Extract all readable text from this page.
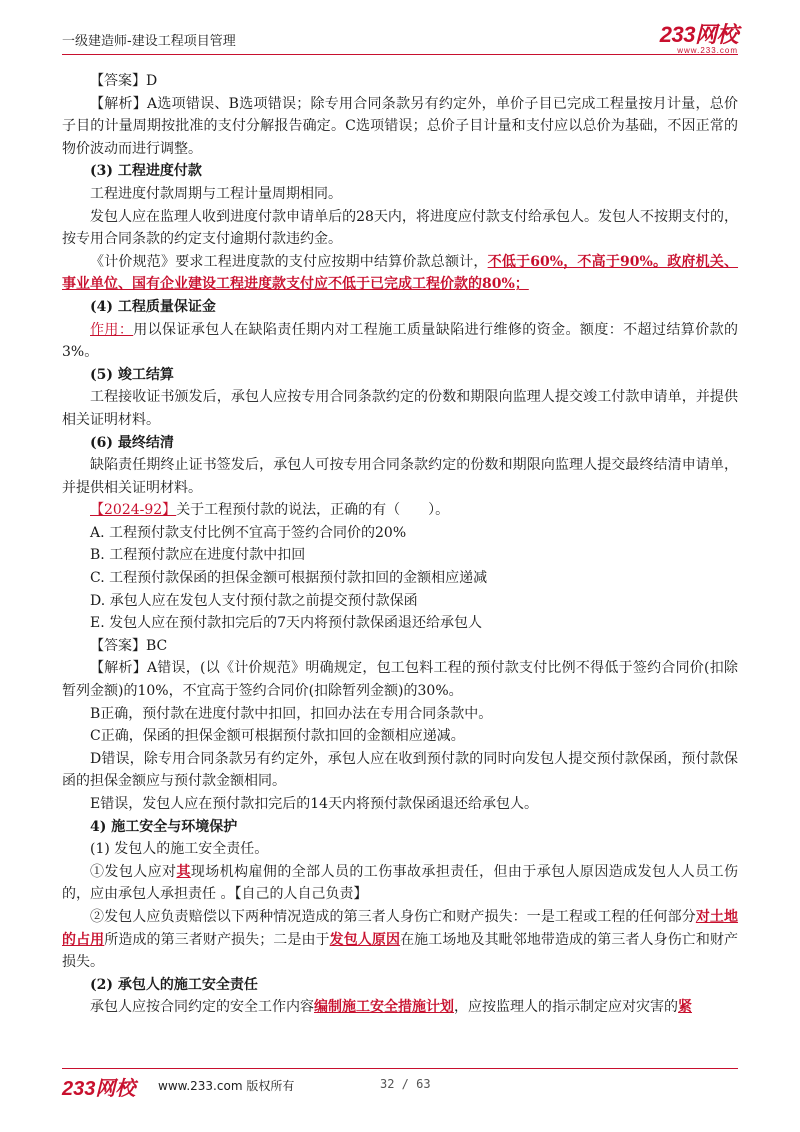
一级建造师-建设工程项目管理	233网校
www.233.com

【答案】D

【解析】A选项错误、B选项错误；除专用合同条款另有约定外，单价子目已完成工程量按月计量，总价子目的计量周期按批准的支付分解报告确定。C选项错误；总价子目计量和支付应以总价为基础，不因正常的物价波动而进行调整。

(3) 工程进度付款

工程进度付款周期与工程计量周期相同。

发包人应在监理人收到进度付款申请单后的28天内，将进度应付款支付给承包人。发包人不按期支付的，按专用合同条款的约定支付逾期付款违约金。

《计价规范》要求工程进度款的支付应按期中结算价款总额计，不低于60%，不高于90%。政府机关、事业单位、国有企业建设工程进度款支付应不低于已完成工程价款的80%；

(4) 工程质量保证金

作用：用以保证承包人在缺陷责任期内对工程施工质量缺陷进行维修的资金。额度：不超过结算价款的3%。

(5) 竣工结算

工程接收证书颁发后，承包人应按专用合同条款约定的份数和期限向监理人提交竣工付款申请单，并提供相关证明材料。

(6) 最终结清

缺陷责任期终止证书签发后，承包人可按专用合同条款约定的份数和期限向监理人提交最终结清申请单，并提供相关证明材料。

【2024-92】关于工程预付款的说法，正确的有（　　）。

A. 工程预付款支付比例不宜高于签约合同价的20%

B. 工程预付款应在进度付款中扣回

C. 工程预付款保函的担保金额可根据预付款扣回的金额相应递减

D. 承包人应在发包人支付预付款之前提交预付款保函

E. 发包人应在预付款扣完后的7天内将预付款保函退还给承包人

【答案】BC

【解析】A错误，(以《计价规范》明确规定，包工包料工程的预付款支付比例不得低于签约合同价(扣除暂列金额)的10%，不宜高于签约合同价(扣除暂列金额)的30%。

B正确，预付款在进度付款中扣回，扣回办法在专用合同条款中。

C正确，保函的担保金额可根据预付款扣回的金额相应递减。

D错误，除专用合同条款另有约定外，承包人应在收到预付款的同时向发包人提交预付款保函，预付款保函的担保金额应与预付款金额相同。

E错误，发包人应在预付款扣完后的14天内将预付款保函退还给承包人。

4) 施工安全与环境保护

(1) 发包人的施工安全责任。

①发包人应对其现场机构雇佣的全部人员的工伤事故承担责任，但由于承包人原因造成发包人人员工伤的，应由承包人承担责任 。【自己的人自己负责】

②发包人应负责赔偿以下两种情况造成的第三者人身伤亡和财产损失：一是工程或工程的任何部分对土地的占用所造成的第三者财产损失；二是由于发包人原因在施工场地及其毗邻地带造成的第三者人身伤亡和财产损失。

(2) 承包人的施工安全责任

承包人应按合同约定的安全工作内容编制施工安全措施计划，应按监理人的指示制定应对灾害的紧

233网校 www.233.com 版权所有	32 / 63
